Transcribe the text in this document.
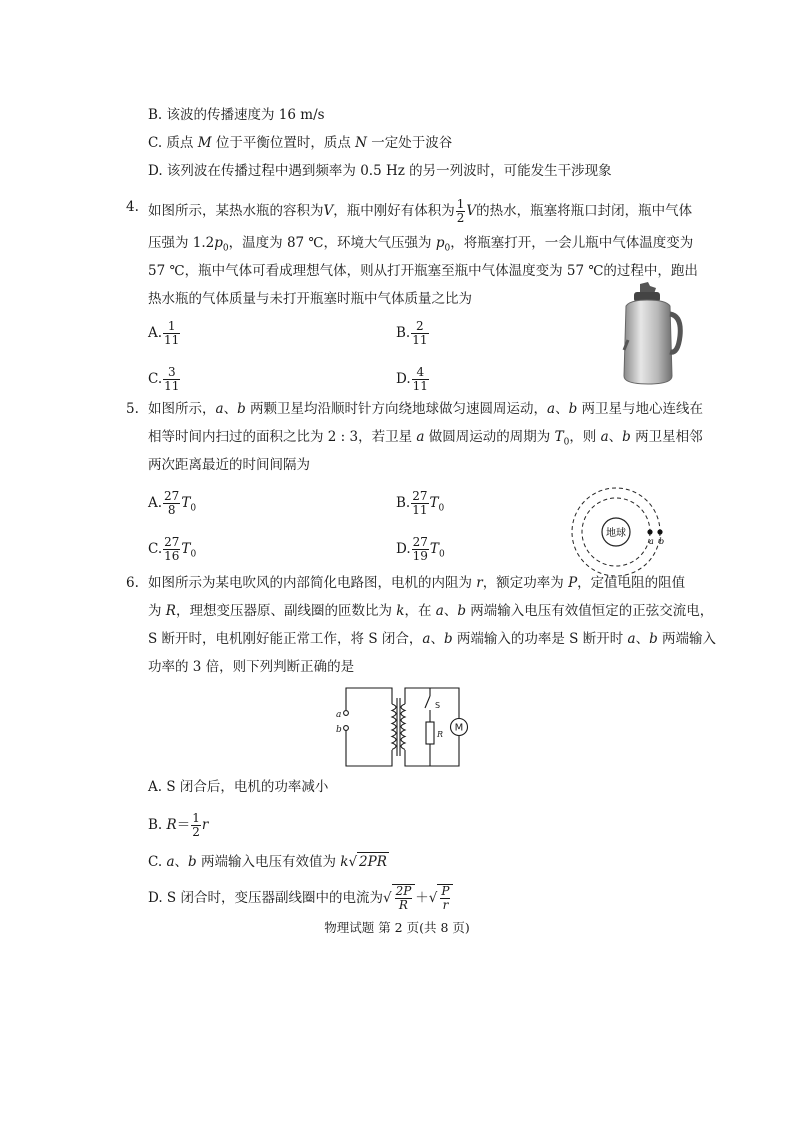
B. 该波的传播速度为 16 m/s
C. 质点 M 位于平衡位置时，质点 N 一定处于波谷
D. 该列波在传播过程中遇到频率为 0.5 Hz 的另一列波时，可能发生干涉现象
4. 如图所示，某热水瓶的容积为V，瓶中刚好有体积为 $\frac{1}{2}$ V的热水，瓶塞将瓶口封闭，瓶中气体
压强为 $1.2p_0$，温度为 87 ℃，环境大气压强为 $p_0$，将瓶塞打开，一会儿瓶中气体温度变为
57 ℃，瓶中气体可看成理想气体，则从打开瓶塞至瓶中气体温度变为 57 ℃的过程中，跑出
热水瓶的气体质量与未打开瓶塞时瓶中气体质量之比为
A. $\frac{1}{11}$	B. $\frac{2}{11}$
C. $\frac{3}{11}$	D. $\frac{4}{11}$
5. 如图所示，a、b 两颗卫星均沿顺时针方向绕地球做匀速圆周运动，a、b 两卫星与地心连线在
相等时间内扫过的面积之比为 2 : 3，若卫星 a 做圆周运动的周期为 $T_0$，则 a、b 两卫星相邻
两次距离最近的时间间隔为
A. $\frac{27}{8} T_0$	B. $\frac{27}{11} T_0$
C. $\frac{27}{16} T_0$	D. $\frac{27}{19} T_0$
地球
a b
6. 如图所示为某电吹风的内部简化电路图，电机的内阻为 r，额定功率为 P，定值电阻的阻值
为 R，理想变压器原、副线圈的匝数比为 k，在 a、b 两端输入电压有效值恒定的正弦交流电，
S 断开时，电机刚好能正常工作，将 S 闭合，a、b 两端输入的功率是 S 断开时 a、b 两端输入
功率的 3 倍，则下列判断正确的是
a
b
S
R
M
A. S 闭合后，电机的功率减小
B. $R= \frac{1}{2}$ r
C. a、b 两端输入电压有效值为 k√ 2PR
D. S 闭合时，变压器副线圈中的电流为√ $\frac{2P}{R}$ ＋√ $\frac{P}{r}$
物理试题 第 2 页(共 8 页)
